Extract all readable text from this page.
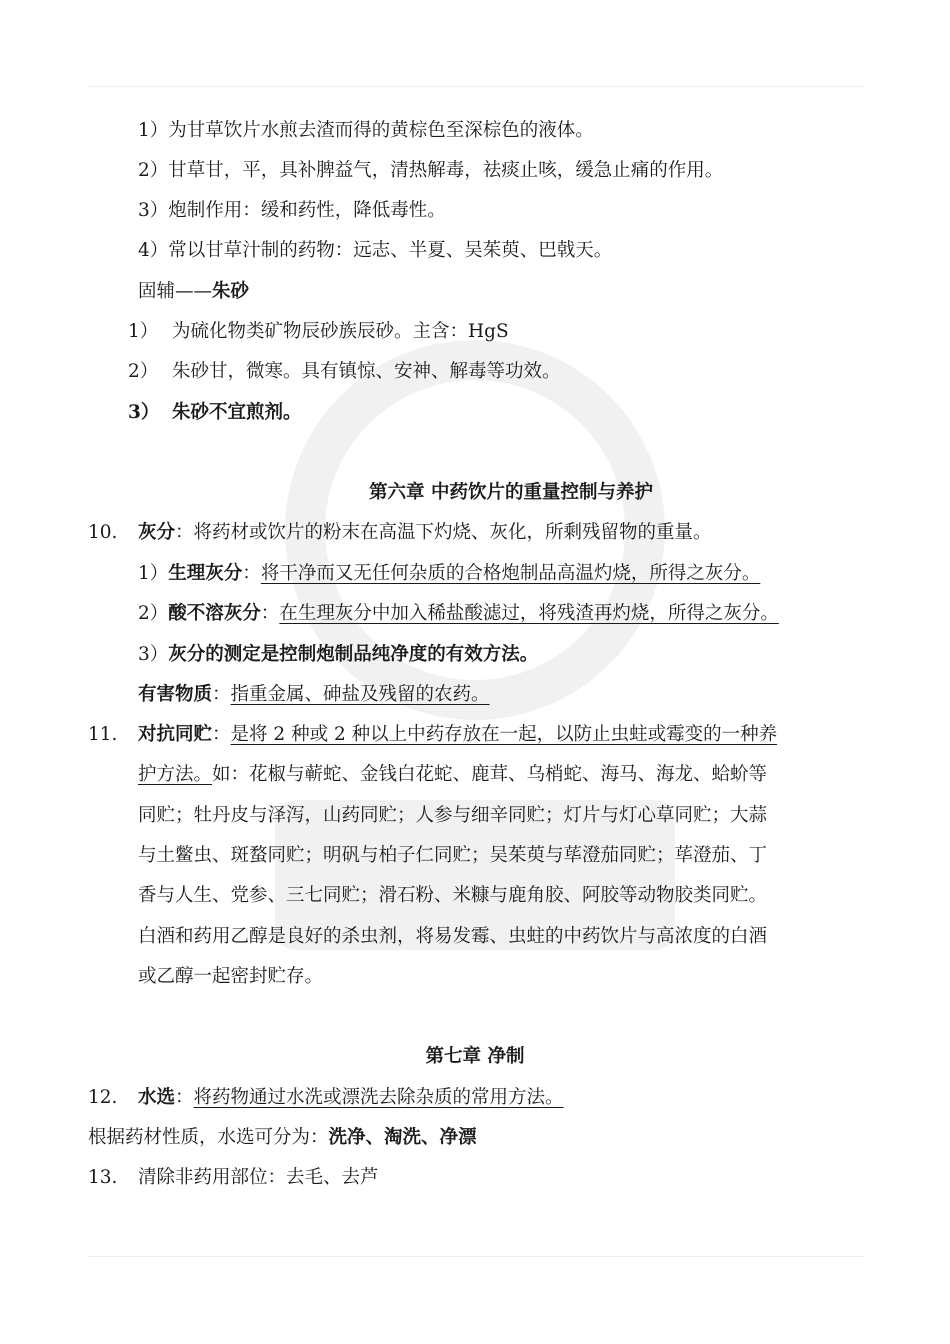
1）为甘草饮片水煎去渣而得的黄棕色至深棕色的液体。
2）甘草甘，平，具补脾益气，清热解毒，祛痰止咳，缓急止痛的作用。
3）炮制作用：缓和药性，降低毒性。
4）常以甘草汁制的药物：远志、半夏、吴茱萸、巴戟天。
固辅——朱砂
1） 为硫化物类矿物辰砂族辰砂。主含：HgS
2） 朱砂甘，微寒。具有镇惊、安神、解毒等功效。
3） 朱砂不宜煎剂。
第六章 中药饮片的重量控制与养护
10. 灰分：将药材或饮片的粉末在高温下灼烧、灰化，所剩残留物的重量。
1）生理灰分：将干净而又无任何杂质的合格炮制品高温灼烧，所得之灰分。
2）酸不溶灰分：在生理灰分中加入稀盐酸滤过，将残渣再灼烧，所得之灰分。
3）灰分的测定是控制炮制品纯净度的有效方法。
有害物质：指重金属、砷盐及残留的农药。
11. 对抗同贮：是将 2 种或 2 种以上中药存放在一起，以防止虫蛀或霉变的一种养
护方法。如：花椒与蕲蛇、金钱白花蛇、鹿茸、乌梢蛇、海马、海龙、蛤蚧等
同贮；牡丹皮与泽泻，山药同贮；人参与细辛同贮；灯片与灯心草同贮；大蒜
与土鳖虫、斑蝥同贮；明矾与柏子仁同贮；吴茱萸与荜澄茄同贮；荜澄茄、丁
香与人生、党参、三七同贮；滑石粉、米糠与鹿角胶、阿胶等动物胶类同贮。
白酒和药用乙醇是良好的杀虫剂，将易发霉、虫蛀的中药饮片与高浓度的白酒
或乙醇一起密封贮存。
第七章 净制
12. 水选：将药物通过水洗或漂洗去除杂质的常用方法。
根据药材性质，水选可分为：洗净、淘洗、净漂
13. 清除非药用部位：去毛、去芦
